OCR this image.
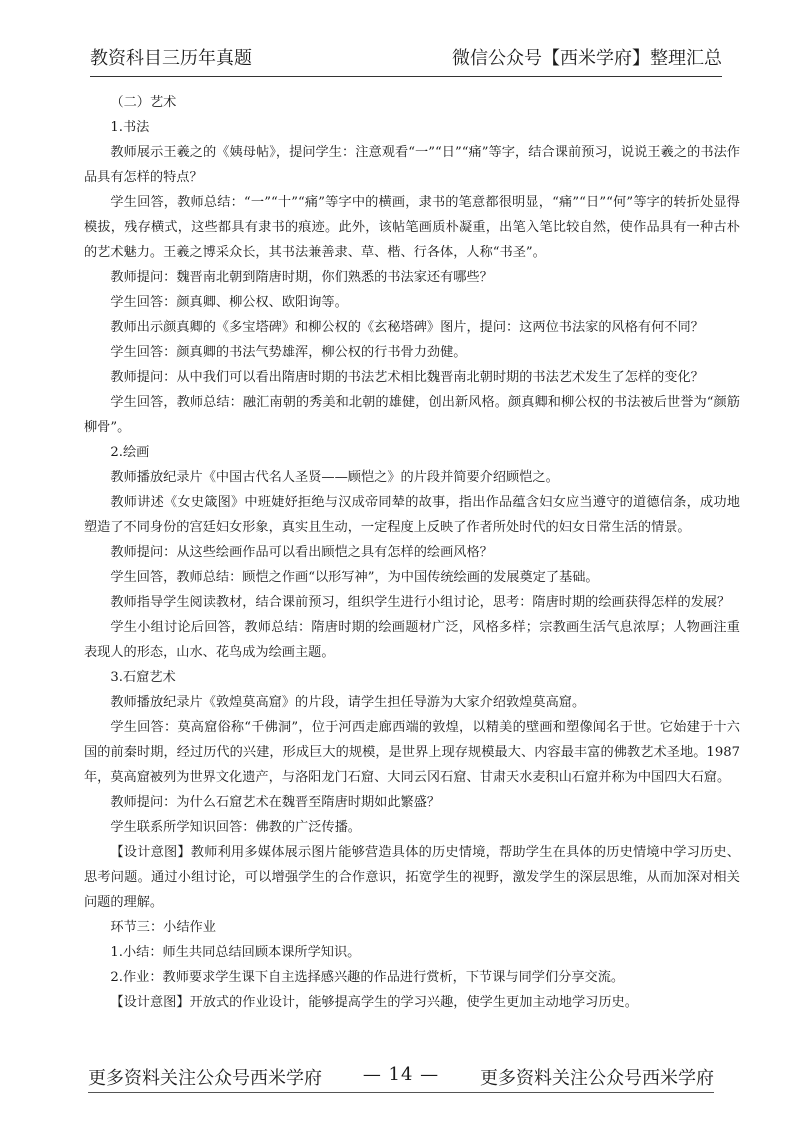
教资科目三历年真题	微信公众号【西米学府】整理汇总

（二）艺术

1.书法

教师展示王羲之的《姨母帖》，提问学生：注意观看“一”“日”“痛”等字，结合课前预习，说说王羲之的书法作品具有怎样的特点？

学生回答，教师总结：“一”“十”“痛”等字中的横画，隶书的笔意都很明显，“痛”“日”“何”等字的转折处显得模拔，残存横式，这些都具有隶书的痕迹。此外，该帖笔画质朴凝重，出笔入笔比较自然，使作品具有一种古朴的艺术魅力。王羲之博采众长，其书法兼善隶、草、楷、行各体，人称“书圣”。

教师提问：魏晋南北朝到隋唐时期，你们熟悉的书法家还有哪些？

学生回答：颜真卿、柳公权、欧阳询等。

教师出示颜真卿的《多宝塔碑》和柳公权的《玄秘塔碑》图片，提问：这两位书法家的风格有何不同？

学生回答：颜真卿的书法气势雄浑，柳公权的行书骨力劲健。

教师提问：从中我们可以看出隋唐时期的书法艺术相比魏晋南北朝时期的书法艺术发生了怎样的变化？

学生回答，教师总结：融汇南朝的秀美和北朝的雄健，创出新风格。颜真卿和柳公权的书法被后世誉为“颜筋柳骨”。

2.绘画

教师播放纪录片《中国古代名人圣贤——顾恺之》的片段并简要介绍顾恺之。

教师讲述《女史箴图》中班婕妤拒绝与汉成帝同辇的故事，指出作品蕴含妇女应当遵守的道德信条，成功地塑造了不同身份的宫廷妇女形象，真实且生动，一定程度上反映了作者所处时代的妇女日常生活的情景。

教师提问：从这些绘画作品可以看出顾恺之具有怎样的绘画风格？

学生回答，教师总结：顾恺之作画“以形写神”，为中国传统绘画的发展奠定了基础。

教师指导学生阅读教材，结合课前预习，组织学生进行小组讨论，思考：隋唐时期的绘画获得怎样的发展？

学生小组讨论后回答，教师总结：隋唐时期的绘画题材广泛，风格多样；宗教画生活气息浓厚；人物画注重表现人的形态，山水、花鸟成为绘画主题。

3.石窟艺术

教师播放纪录片《敦煌莫高窟》的片段，请学生担任导游为大家介绍敦煌莫高窟。

学生回答：莫高窟俗称“千佛洞”，位于河西走廊西端的敦煌，以精美的壁画和塑像闻名于世。它始建于十六国的前秦时期，经过历代的兴建，形成巨大的规模，是世界上现存规模最大、内容最丰富的佛教艺术圣地。1987年，莫高窟被列为世界文化遗产，与洛阳龙门石窟、大同云冈石窟、甘肃天水麦积山石窟并称为中国四大石窟。

教师提问：为什么石窟艺术在魏晋至隋唐时期如此繁盛？

学生联系所学知识回答：佛教的广泛传播。

【设计意图】教师利用多媒体展示图片能够营造具体的历史情境，帮助学生在具体的历史情境中学习历史、思考问题。通过小组讨论，可以增强学生的合作意识，拓宽学生的视野，激发学生的深层思维，从而加深对相关问题的理解。

环节三：小结作业

1.小结：师生共同总结回顾本课所学知识。

2.作业：教师要求学生课下自主选择感兴趣的作品进行赏析，下节课与同学们分享交流。

【设计意图】开放式的作业设计，能够提高学生的学习兴趣，使学生更加主动地学习历史。

更多资料关注公众号西米学府 — 14 — 更多资料关注公众号西米学府
